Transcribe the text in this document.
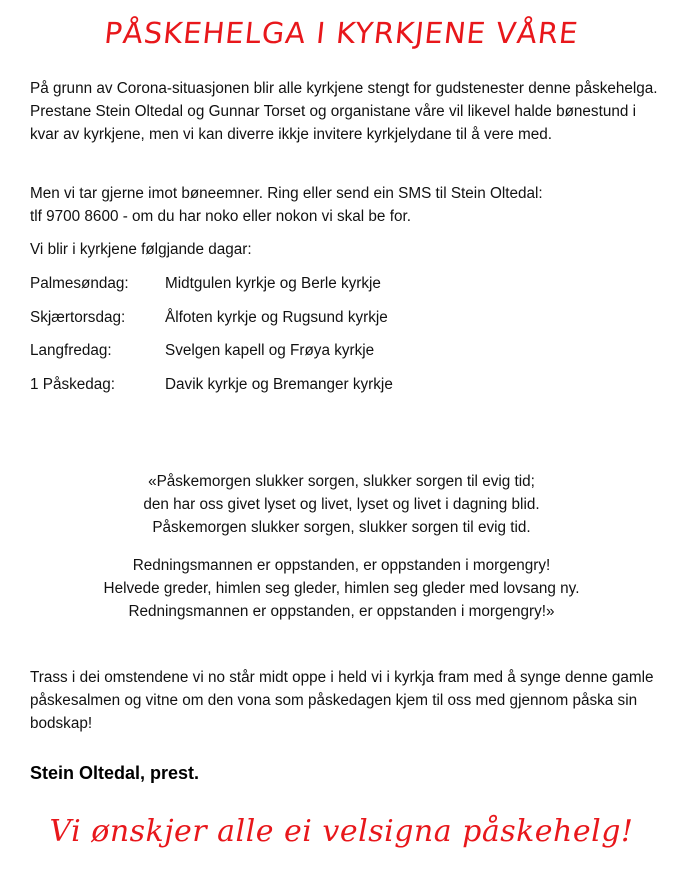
PÅSKEHELGA I KYRKJENE VÅRE
På grunn av Corona-situasjonen blir alle kyrkjene stengt for gudstenester denne påskehelga. Prestane Stein Oltedal og Gunnar Torset og organistane våre vil likevel halde bønestund i kvar av kyrkjene, men vi kan diverre ikkje invitere kyrkjelydane til å vere med.
Men vi tar gjerne imot bøneemner. Ring eller send ein SMS til Stein Oltedal:
tlf 9700 8600 - om du har noko eller nokon vi skal be for.
Vi blir i kyrkjene følgjande dagar:
Palmesøndag:	Midtgulen kyrkje og Berle kyrkje
Skjærtorsdag:	Ålfoten kyrkje og Rugsund kyrkje
Langfredag:	Svelgen kapell og Frøya kyrkje
1 Påskedag:	Davik kyrkje og Bremanger kyrkje
«Påskemorgen slukker sorgen, slukker sorgen til evig tid;
den har oss givet lyset og livet, lyset og livet i dagning blid.
Påskemorgen slukker sorgen, slukker sorgen til evig tid.
Redningsmannen er oppstanden, er oppstanden i morgengry!
Helvede greder, himlen seg gleder, himlen seg gleder med lovsang ny.
Redningsmannen er oppstanden, er oppstanden i morgengry!»
Trass i dei omstendene vi no står midt oppe i held vi i kyrkja fram med å synge denne gamle påskesalmen og vitne om den vona som påskedagen kjem til oss med gjennom påska sin bodskap!
Stein Oltedal, prest.
Vi ønskjer alle ei velsigna påskehelg!
